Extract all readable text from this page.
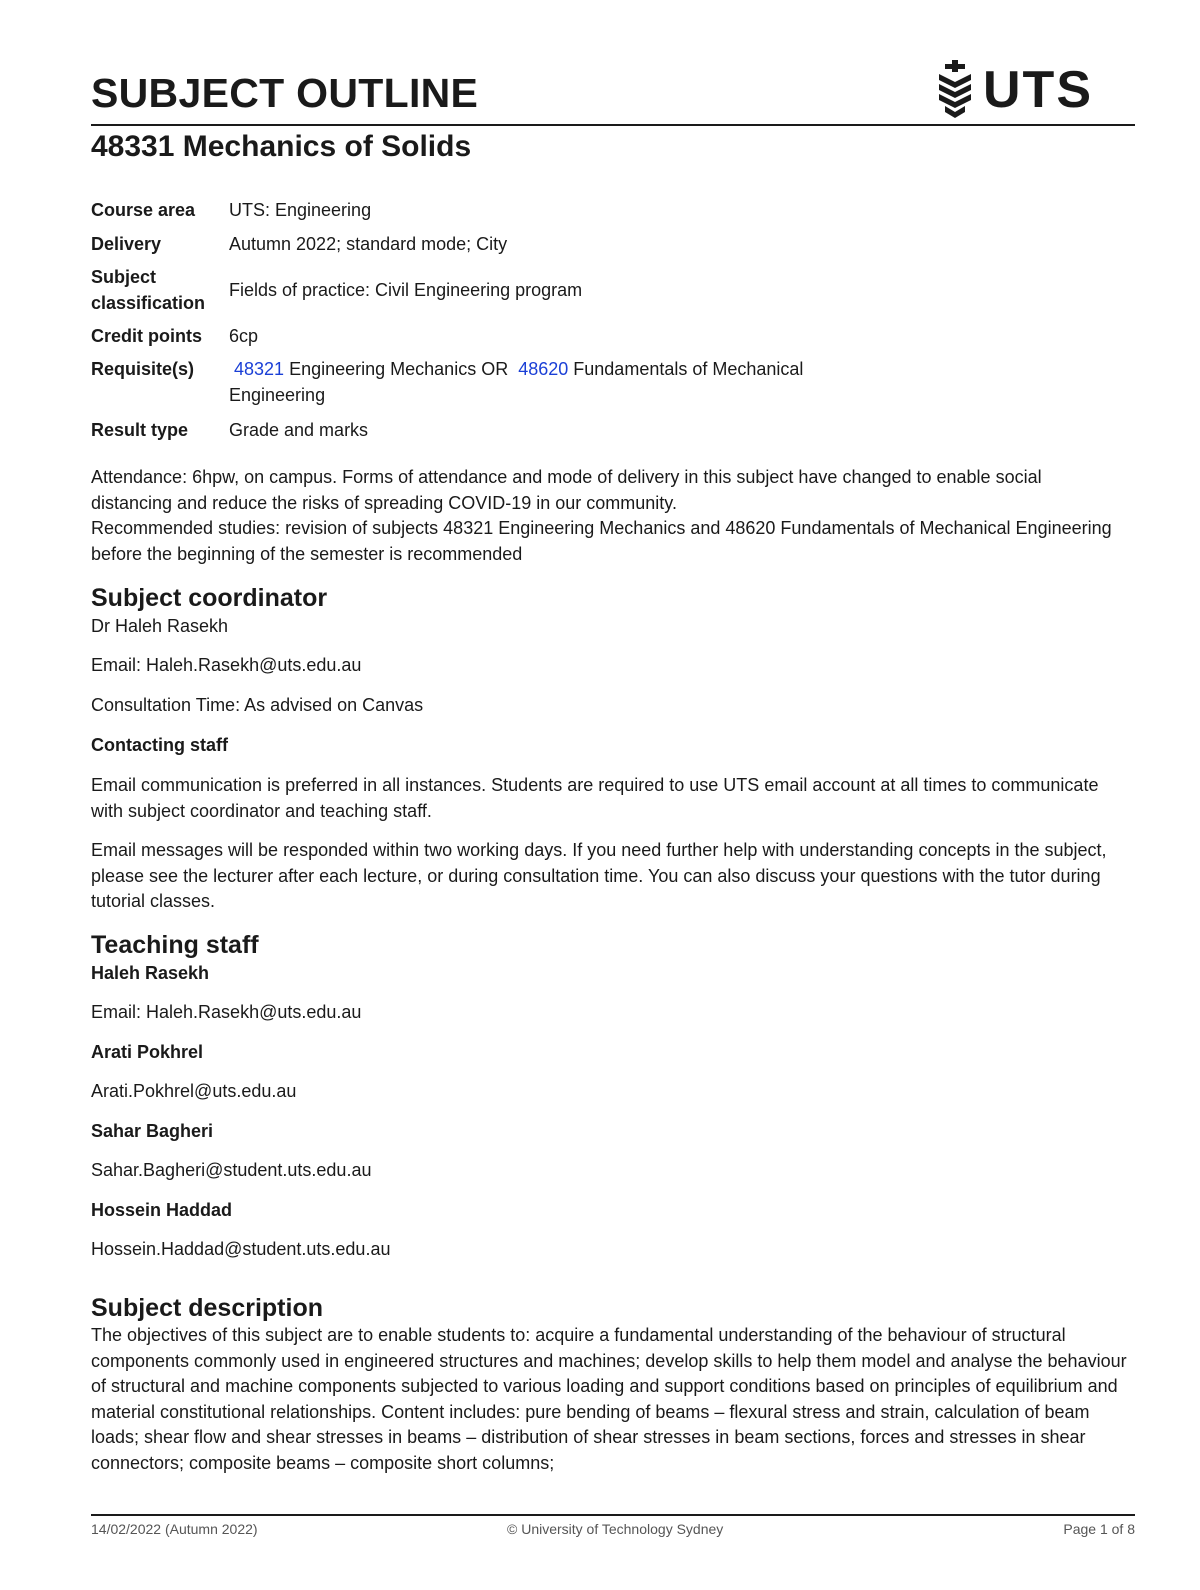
SUBJECT OUTLINE	UTS
48331 Mechanics of Solids
Course area	UTS: Engineering
Delivery	Autumn 2022; standard mode; City

Subject
classification	Fields of practice: Civil Engineering program
Credit points	6cp
Requisite(s)	48321 Engineering Mechanics OR  48620 Fundamentals of Mechanical
Engineering

Result type	Grade and marks

Attendance: 6hpw, on campus. Forms of attendance and mode of delivery in this subject have changed to enable social distancing and reduce the risks of spreading COVID-19 in our community.

Recommended studies: revision of subjects 48321 Engineering Mechanics and 48620 Fundamentals of Mechanical Engineering before the beginning of the semester is recommended

Subject coordinator

Dr Haleh Rasekh

Email: Haleh.Rasekh@uts.edu.au

Consultation Time: As advised on Canvas

Contacting staff

Email communication is preferred in all instances. Students are required to use UTS email account at all times to communicate with subject coordinator and teaching staff.

Email messages will be responded within two working days. If you need further help with understanding concepts in the subject, please see the lecturer after each lecture, or during consultation time. You can also discuss your questions with the tutor during tutorial classes.

Teaching staff

Haleh Rasekh

Email: Haleh.Rasekh@uts.edu.au

Arati Pokhrel

Arati.Pokhrel@uts.edu.au

Sahar Bagheri

Sahar.Bagheri@student.uts.edu.au

Hossein Haddad

Hossein.Haddad@student.uts.edu.au

Subject description

The objectives of this subject are to enable students to: acquire a fundamental understanding of the behaviour of structural components commonly used in engineered structures and machines; develop skills to help them model and analyse the behaviour of structural and machine components subjected to various loading and support conditions based on principles of equilibrium and material constitutional relationships. Content includes: pure bending of beams – flexural stress and strain, calculation of beam loads; shear flow and shear stresses in beams – distribution of shear stresses in beam sections, forces and stresses in shear connectors; composite beams – composite short columns;

14/02/2022 (Autumn 2022)	© University of Technology Sydney	Page 1 of 8
